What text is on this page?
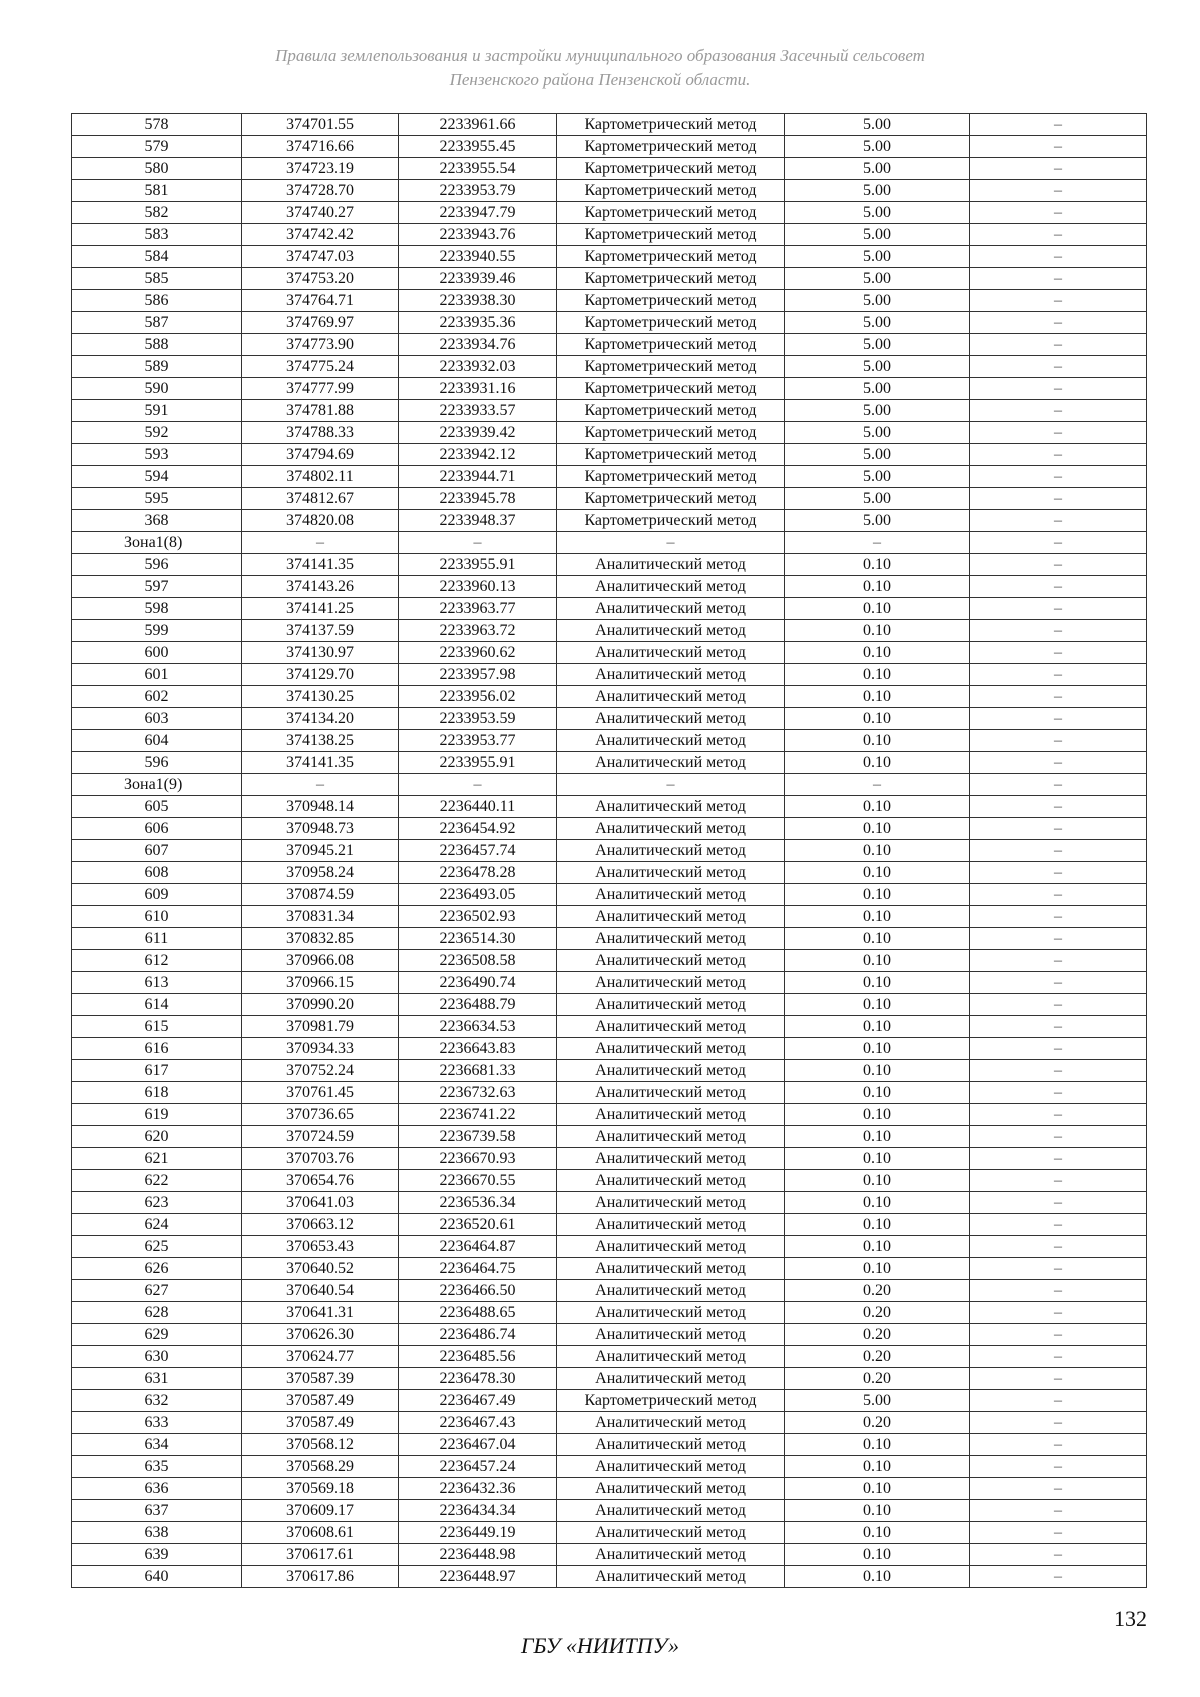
Правила землепользования и застройки муниципального образования Засечный сельсовет
Пензенского района Пензенской области.
578	374701.55	2233961.66	Картометрический метод	5.00	–
579	374716.66	2233955.45	Картометрический метод	5.00	–
580	374723.19	2233955.54	Картометрический метод	5.00	–
581	374728.70	2233953.79	Картометрический метод	5.00	–
582	374740.27	2233947.79	Картометрический метод	5.00	–
583	374742.42	2233943.76	Картометрический метод	5.00	–
584	374747.03	2233940.55	Картометрический метод	5.00	–
585	374753.20	2233939.46	Картометрический метод	5.00	–
586	374764.71	2233938.30	Картометрический метод	5.00	–
587	374769.97	2233935.36	Картометрический метод	5.00	–
588	374773.90	2233934.76	Картометрический метод	5.00	–
589	374775.24	2233932.03	Картометрический метод	5.00	–
590	374777.99	2233931.16	Картометрический метод	5.00	–
591	374781.88	2233933.57	Картометрический метод	5.00	–
592	374788.33	2233939.42	Картометрический метод	5.00	–
593	374794.69	2233942.12	Картометрический метод	5.00	–
594	374802.11	2233944.71	Картометрический метод	5.00	–
595	374812.67	2233945.78	Картометрический метод	5.00	–
368	374820.08	2233948.37	Картометрический метод	5.00	–
Зона1(8)	–	–	–	–	–
596	374141.35	2233955.91	Аналитический метод	0.10	–
597	374143.26	2233960.13	Аналитический метод	0.10	–
598	374141.25	2233963.77	Аналитический метод	0.10	–
599	374137.59	2233963.72	Аналитический метод	0.10	–
600	374130.97	2233960.62	Аналитический метод	0.10	–
601	374129.70	2233957.98	Аналитический метод	0.10	–
602	374130.25	2233956.02	Аналитический метод	0.10	–
603	374134.20	2233953.59	Аналитический метод	0.10	–
604	374138.25	2233953.77	Аналитический метод	0.10	–
596	374141.35	2233955.91	Аналитический метод	0.10	–
Зона1(9)	–	–	–	–	–
605	370948.14	2236440.11	Аналитический метод	0.10	–
606	370948.73	2236454.92	Аналитический метод	0.10	–
607	370945.21	2236457.74	Аналитический метод	0.10	–
608	370958.24	2236478.28	Аналитический метод	0.10	–
609	370874.59	2236493.05	Аналитический метод	0.10	–
610	370831.34	2236502.93	Аналитический метод	0.10	–
611	370832.85	2236514.30	Аналитический метод	0.10	–
612	370966.08	2236508.58	Аналитический метод	0.10	–
613	370966.15	2236490.74	Аналитический метод	0.10	–
614	370990.20	2236488.79	Аналитический метод	0.10	–
615	370981.79	2236634.53	Аналитический метод	0.10	–
616	370934.33	2236643.83	Аналитический метод	0.10	–
617	370752.24	2236681.33	Аналитический метод	0.10	–
618	370761.45	2236732.63	Аналитический метод	0.10	–
619	370736.65	2236741.22	Аналитический метод	0.10	–
620	370724.59	2236739.58	Аналитический метод	0.10	–
621	370703.76	2236670.93	Аналитический метод	0.10	–
622	370654.76	2236670.55	Аналитический метод	0.10	–
623	370641.03	2236536.34	Аналитический метод	0.10	–
624	370663.12	2236520.61	Аналитический метод	0.10	–
625	370653.43	2236464.87	Аналитический метод	0.10	–
626	370640.52	2236464.75	Аналитический метод	0.10	–
627	370640.54	2236466.50	Аналитический метод	0.20	–
628	370641.31	2236488.65	Аналитический метод	0.20	–
629	370626.30	2236486.74	Аналитический метод	0.20	–
630	370624.77	2236485.56	Аналитический метод	0.20	–
631	370587.39	2236478.30	Аналитический метод	0.20	–
632	370587.49	2236467.49	Картометрический метод	5.00	–
633	370587.49	2236467.43	Аналитический метод	0.20	–
634	370568.12	2236467.04	Аналитический метод	0.10	–
635	370568.29	2236457.24	Аналитический метод	0.10	–
636	370569.18	2236432.36	Аналитический метод	0.10	–
637	370609.17	2236434.34	Аналитический метод	0.10	–
638	370608.61	2236449.19	Аналитический метод	0.10	–
639	370617.61	2236448.98	Аналитический метод	0.10	–
640	370617.86	2236448.97	Аналитический метод	0.10	–
132
ГБУ «НИИТПУ»
